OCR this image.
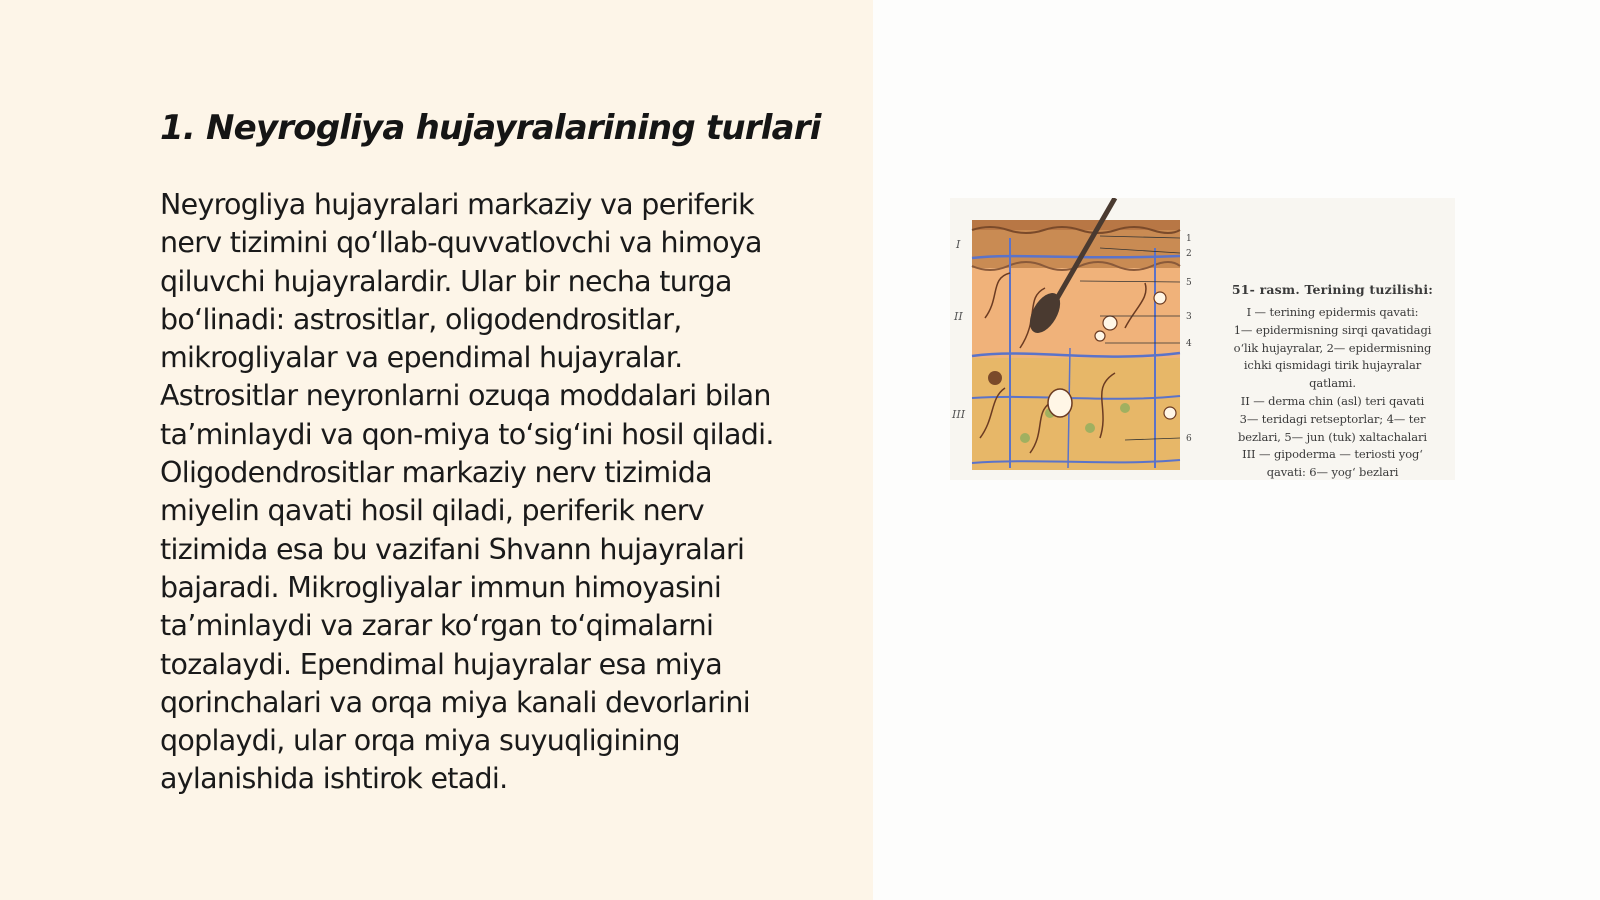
1. Neyrogliya hujayralarining turlari

Neyrogliya hujayralari markaziy va periferik
nerv tizimini qo‘llab-quvvatlovchi va himoya
qiluvchi hujayralardir. Ular bir necha turga
bo‘linadi: astrositlar, oligodendrositlar,
mikrogliyalar va ependimal hujayralar.
Astrositlar neyronlarni ozuqa moddalari bilan
ta’minlaydi va qon-miya to‘sig‘ini hosil qiladi.
Oligodendrositlar markaziy nerv tizimida
miyelin qavati hosil qiladi, periferik nerv
tizimida esa bu vazifani Shvann hujayralari
bajaradi. Mikrogliyalar immun himoyasini
ta’minlaydi va zarar ko‘rgan to‘qimalarni
tozalaydi. Ependimal hujayralar esa miya
qorinchalari va orqa miya kanali devorlarini
qoplaydi, ular orqa miya suyuqligining
aylanishida ishtirok etadi.

I
II
III
1
2
5
3
4
6
51- rasm. Terining tuzilishi:
I — terining epidermis qavati:
1— epidermisning sirqi qavatidagi
o‘lik hujayralar, 2— epidermisning
ichki qismidagi tirik hujayralar
qatlami.
II — derma chin (asl) teri qavati
3— teridagi retseptorlar; 4— ter
bezlari, 5— jun (tuk) xaltachalari
III — gipoderma — teriosti yog‘
qavati: 6— yog‘ bezlari
